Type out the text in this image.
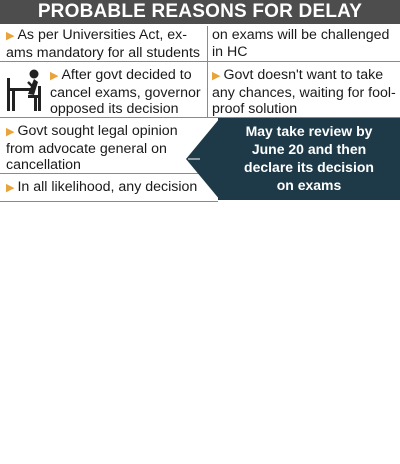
PROBABLE REASONS FOR DELAY
▶ As per Universities Act, ex-
ams mandatory for all students
on exams will be challenged
in HC
▶ After govt decided to
cancel exams, governor
opposed its decision
▶ Govt doesn't want to take
any chances, waiting for fool-
proof solution
▶ Govt sought legal opinion
from advocate general on
cancellation
▶ In all likelihood, any decision
May take review by
June 20 and then
declare its decision
on exams
